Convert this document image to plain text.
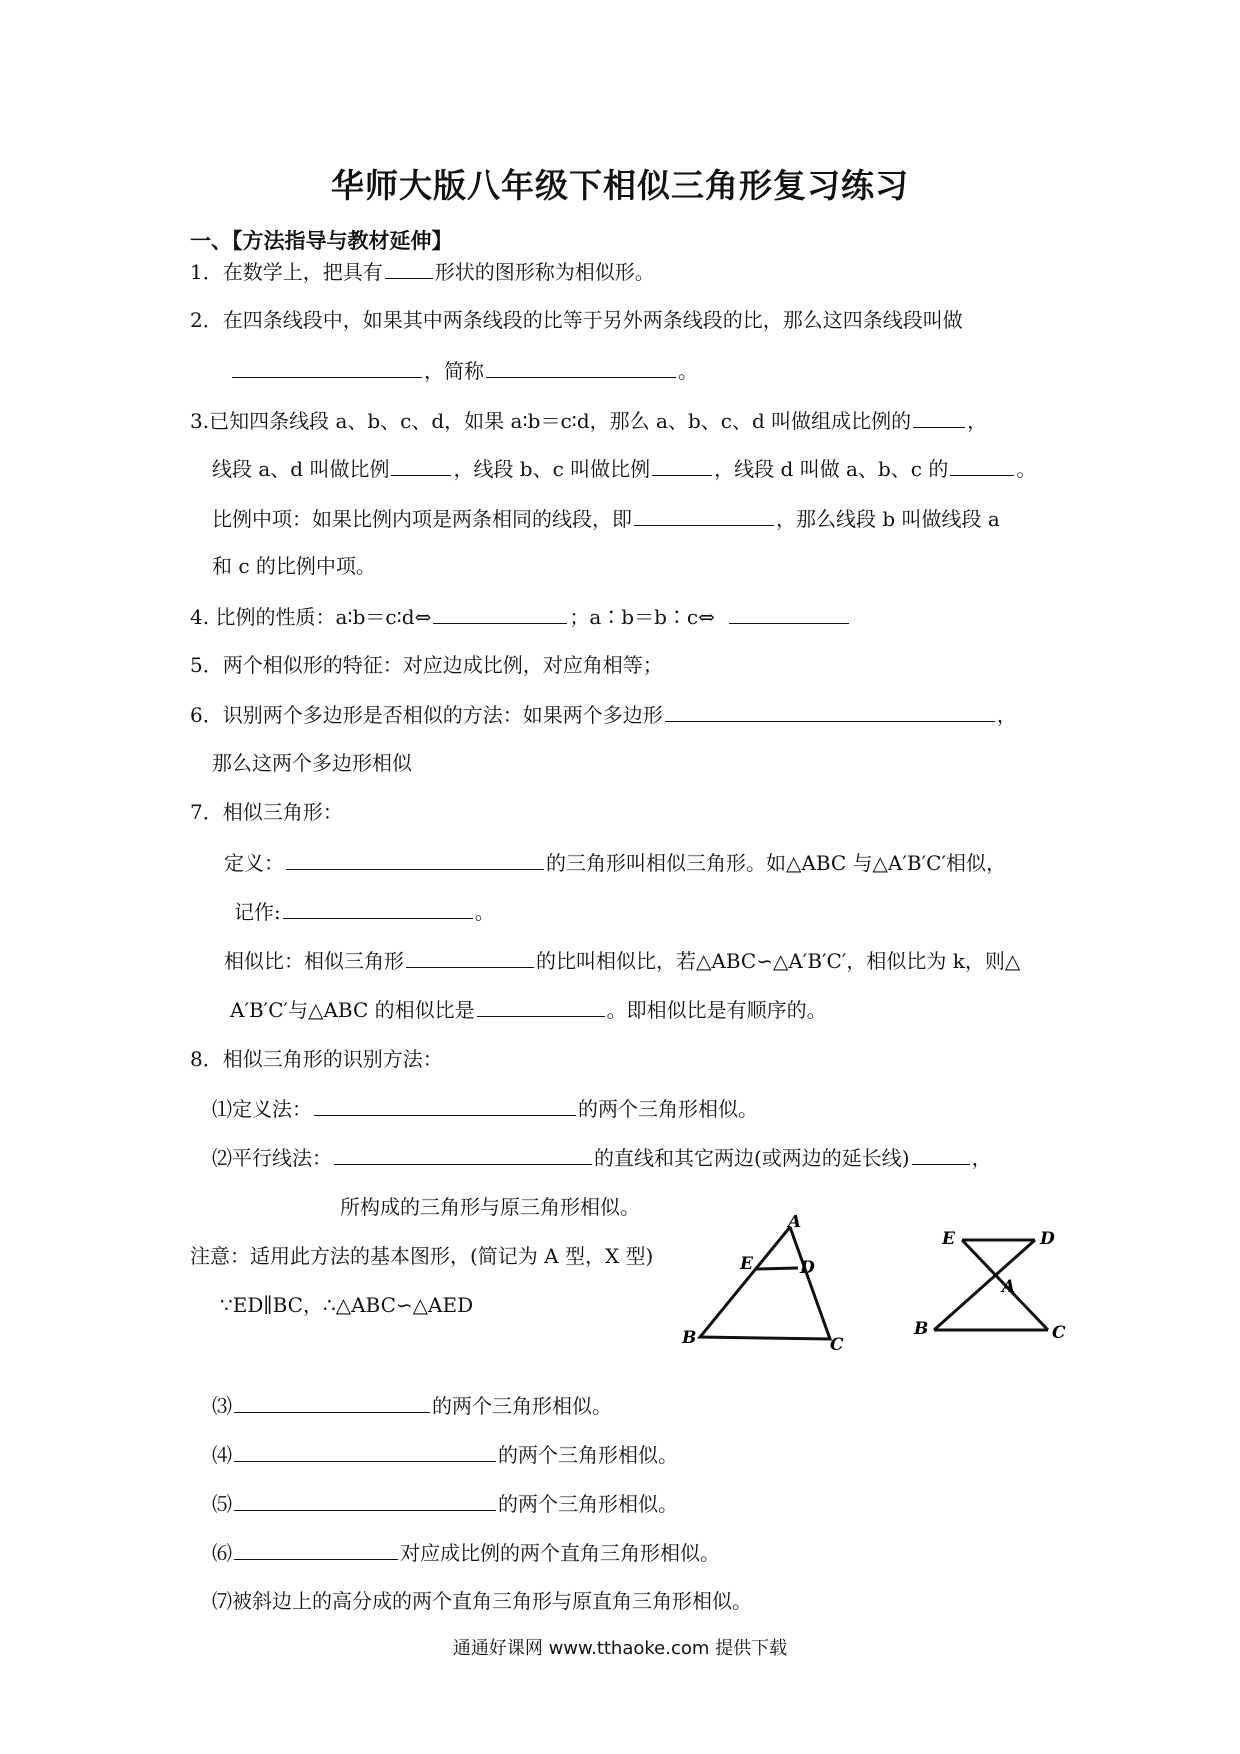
华师大版八年级下相似三角形复习练习
一、【方法指导与教材延伸】
1．在数学上，把具有	形状的图形称为相似形。
2．在四条线段中，如果其中两条线段的比等于另外两条线段的比，那么这四条线段叫做
，简称	。
3.已知四条线段 a、b、c、d，如果 a∶b＝c∶d，那么 a、b、c、d 叫做组成比例的	，
线段 a、d 叫做比例	，线段 b、c 叫做比例	，线段 d 叫做 a、b、c 的	。
比例中项：如果比例内项是两条相同的线段，即	，那么线段 b 叫做线段 a
和 c 的比例中项。
4. 比例的性质：a∶b＝c∶d⇔	；a∶b＝b∶c⇔
5．两个相似形的特征：对应边成比例，对应角相等；
6．识别两个多边形是否相似的方法：如果两个多边形	，
那么这两个多边形相似
7．相似三角形：
定义：	的三角形叫相似三角形。如△ABC 与△A′B′C′相似，
记作:	。
相似比：相似三角形	的比叫相似比，若△ABC∽△A′B′C′，相似比为 k，则△
A′B′C′与△ABC 的相似比是	。即相似比是有顺序的。
8．相似三角形的识别方法：
⑴定义法：	的两个三角形相似。
⑵平行线法：	的直线和其它两边(或两边的延长线)	，
所构成的三角形与原三角形相似。
注意：适用此方法的基本图形，(简记为 A 型，X 型)
∵ED∥BC，∴△ABC∽△AED
A
E	D
B	C
E	D
A
B	C
⑶	的两个三角形相似。
⑷	的两个三角形相似。
⑸	的两个三角形相似。
⑹	对应成比例的两个直角三角形相似。
⑺被斜边上的高分成的两个直角三角形与原直角三角形相似。
通通好课网 www.tthaoke.com 提供下载
